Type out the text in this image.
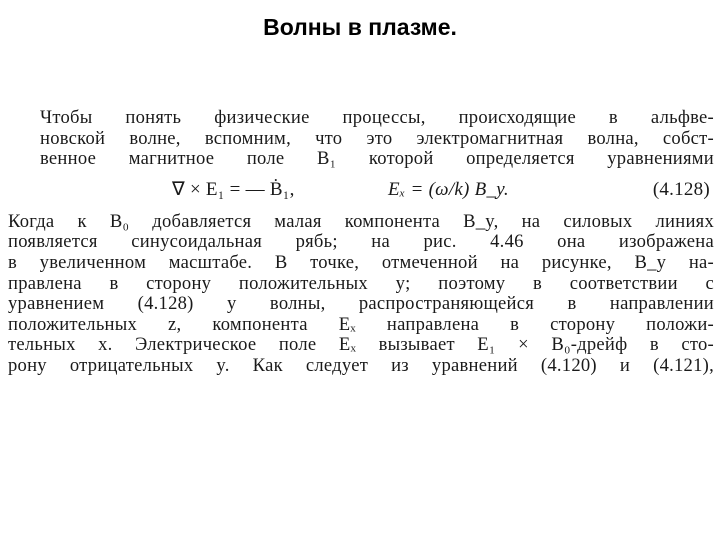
Волны в плазме.
Чтобы понять физические процессы, происходящие в альфве-
новской волне, вспомним, что это электромагнитная волна, собст-
венное магнитное поле B₁ которой определяется уравнениями
∇ × E₁ = — Ḃ₁,	Eₓ = (ω/k) B_y.	(4.128)
Когда к B₀ добавляется малая компонента B_y, на силовых линиях
появляется синусоидальная рябь; на рис. 4.46 она изображена
в увеличенном масштабе. В точке, отмеченной на рисунке, B_y на-
правлена в сторону положительных y; поэтому в соответствии с
уравнением (4.128) у волны, распространяющейся в направлении
положительных z, компонента Eₓ направлена в сторону положи-
тельных x. Электрическое поле Eₓ вызывает E₁ × B₀-дрейф в сто-
рону отрицательных y. Как следует из уравнений (4.120) и (4.121),
